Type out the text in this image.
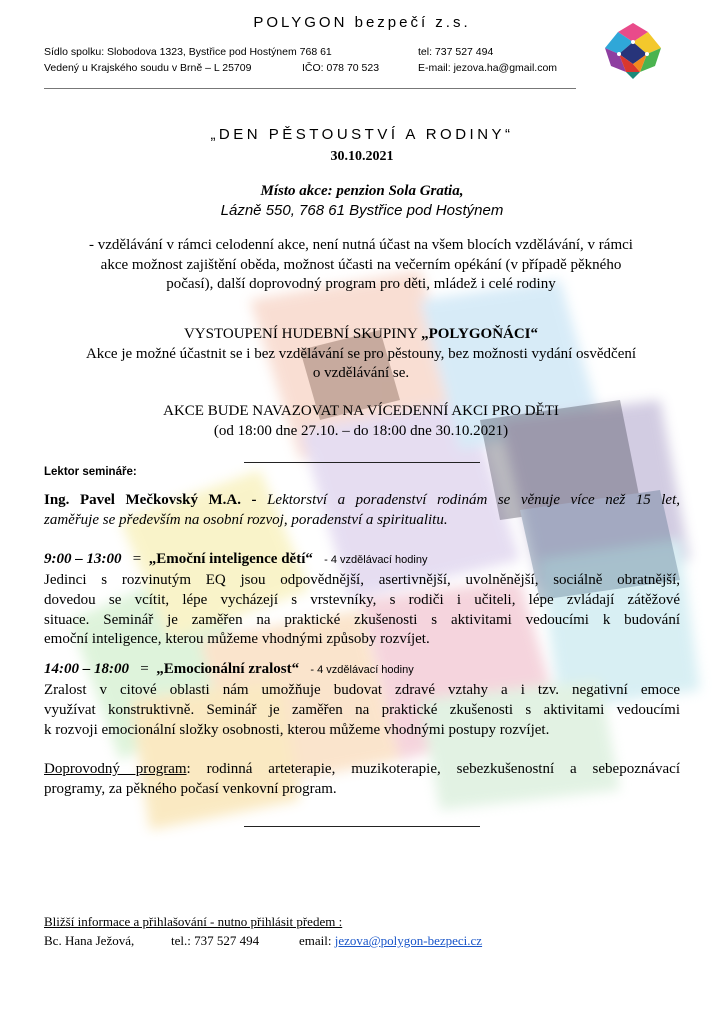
POLYGON bezpečí z.s.
Sídlo spolku: Slobodova 1323, Bystřice pod Hostýnem 768 61	tel: 737 527 494
Vedený u Krajského soudu v Brně – L 25709	IČO: 078 70 523	E-mail: jezova.ha@gmail.com
„DEN PĚSTOUSTVÍ A RODINY“
30.10.2021
Místo akce: penzion Sola Gratia,
Lázně 550, 768 61 Bystřice pod Hostýnem
- vzdělávání v rámci celodenní akce, není nutná účast na všem blocích vzdělávání, v rámci
akce možnost zajištění oběda, možnost účasti na večerním opékání (v případě pěkného
počasí), další doprovodný program pro děti, mládež i celé rodiny
VYSTOUPENÍ HUDEBNÍ SKUPINY „POLYGOŇÁCI“
Akce je možné účastnit se i bez vzdělávání se pro pěstouny, bez možnosti vydání osvědčení
o vzdělávání se.
AKCE BUDE NAVAZOVAT NA VÍCEDENNÍ AKCI PRO DĚTI
(od 18:00 dne 27.10. – do 18:00 dne 30.10.2021)
Lektor semináře:
Ing. Pavel Mečkovský M.A. - Lektorství a poradenství rodinám se věnuje více než 15 let,
zaměřuje se především na osobní rozvoj, poradenství a spiritualitu.
9:00 – 13:00 = „Emoční inteligence dětí“ - 4 vzdělávací hodiny
Jedinci s rozvinutým EQ jsou odpovědnější, asertivnější, uvolněnější, sociálně obratnější,
dovedou se vcítit, lépe vycházejí s vrstevníky, s rodiči i učiteli, lépe zvládají zátěžové
situace. Seminář je zaměřen na praktické zkušenosti s aktivitami vedoucími k budování
emoční inteligence, kterou můžeme vhodnými způsoby rozvíjet.
14:00 – 18:00 = „Emocionální zralost“ - 4 vzdělávací hodiny
Zralost v citové oblasti nám umožňuje budovat zdravé vztahy a i tzv. negativní emoce
využívat konstruktivně. Seminář je zaměřen na praktické zkušenosti s aktivitami vedoucími
k rozvoji emocionální složky osobnosti, kterou můžeme vhodnými postupy rozvíjet.
Doprovodný program: rodinná arteterapie, muzikoterapie, sebezkušenostní a sebepoznávací
programy, za pěkného počasí venkovní program.
Bližší informace a přihlašování - nutno přihlásit předem :
Bc. Hana Ježová,	tel.: 737 527 494	email: jezova@polygon-bezpeci.cz
